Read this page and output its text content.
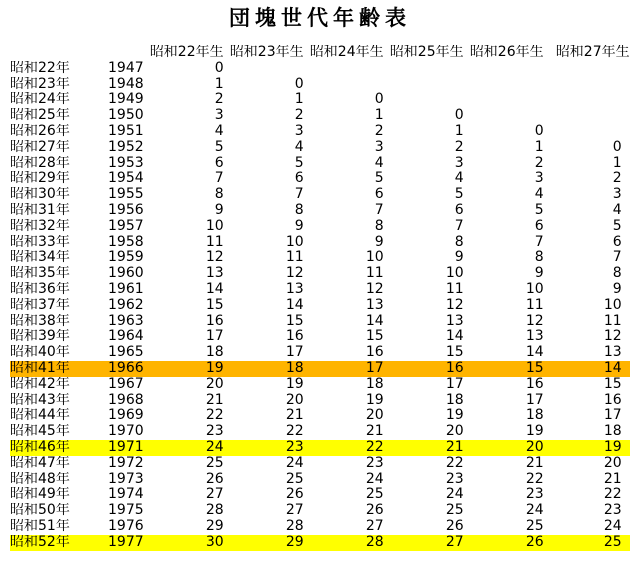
団塊世代年齢表
		昭和22年生	昭和23年生	昭和24年生	昭和25年生	昭和26年生	昭和27年生
昭和22年	1947	0					
昭和23年	1948	1	0				
昭和24年	1949	2	1	0			
昭和25年	1950	3	2	1	0		
昭和26年	1951	4	3	2	1	0	
昭和27年	1952	5	4	3	2	1	0
昭和28年	1953	6	5	4	3	2	1
昭和29年	1954	7	6	5	4	3	2
昭和30年	1955	8	7	6	5	4	3
昭和31年	1956	9	8	7	6	5	4
昭和32年	1957	10	9	8	7	6	5
昭和33年	1958	11	10	9	8	7	6
昭和34年	1959	12	11	10	9	8	7
昭和35年	1960	13	12	11	10	9	8
昭和36年	1961	14	13	12	11	10	9
昭和37年	1962	15	14	13	12	11	10
昭和38年	1963	16	15	14	13	12	11
昭和39年	1964	17	16	15	14	13	12
昭和40年	1965	18	17	16	15	14	13
昭和41年	1966	19	18	17	16	15	14
昭和42年	1967	20	19	18	17	16	15
昭和43年	1968	21	20	19	18	17	16
昭和44年	1969	22	21	20	19	18	17
昭和45年	1970	23	22	21	20	19	18
昭和46年	1971	24	23	22	21	20	19
昭和47年	1972	25	24	23	22	21	20
昭和48年	1973	26	25	24	23	22	21
昭和49年	1974	27	26	25	24	23	22
昭和50年	1975	28	27	26	25	24	23
昭和51年	1976	29	28	27	26	25	24
昭和52年	1977	30	29	28	27	26	25
